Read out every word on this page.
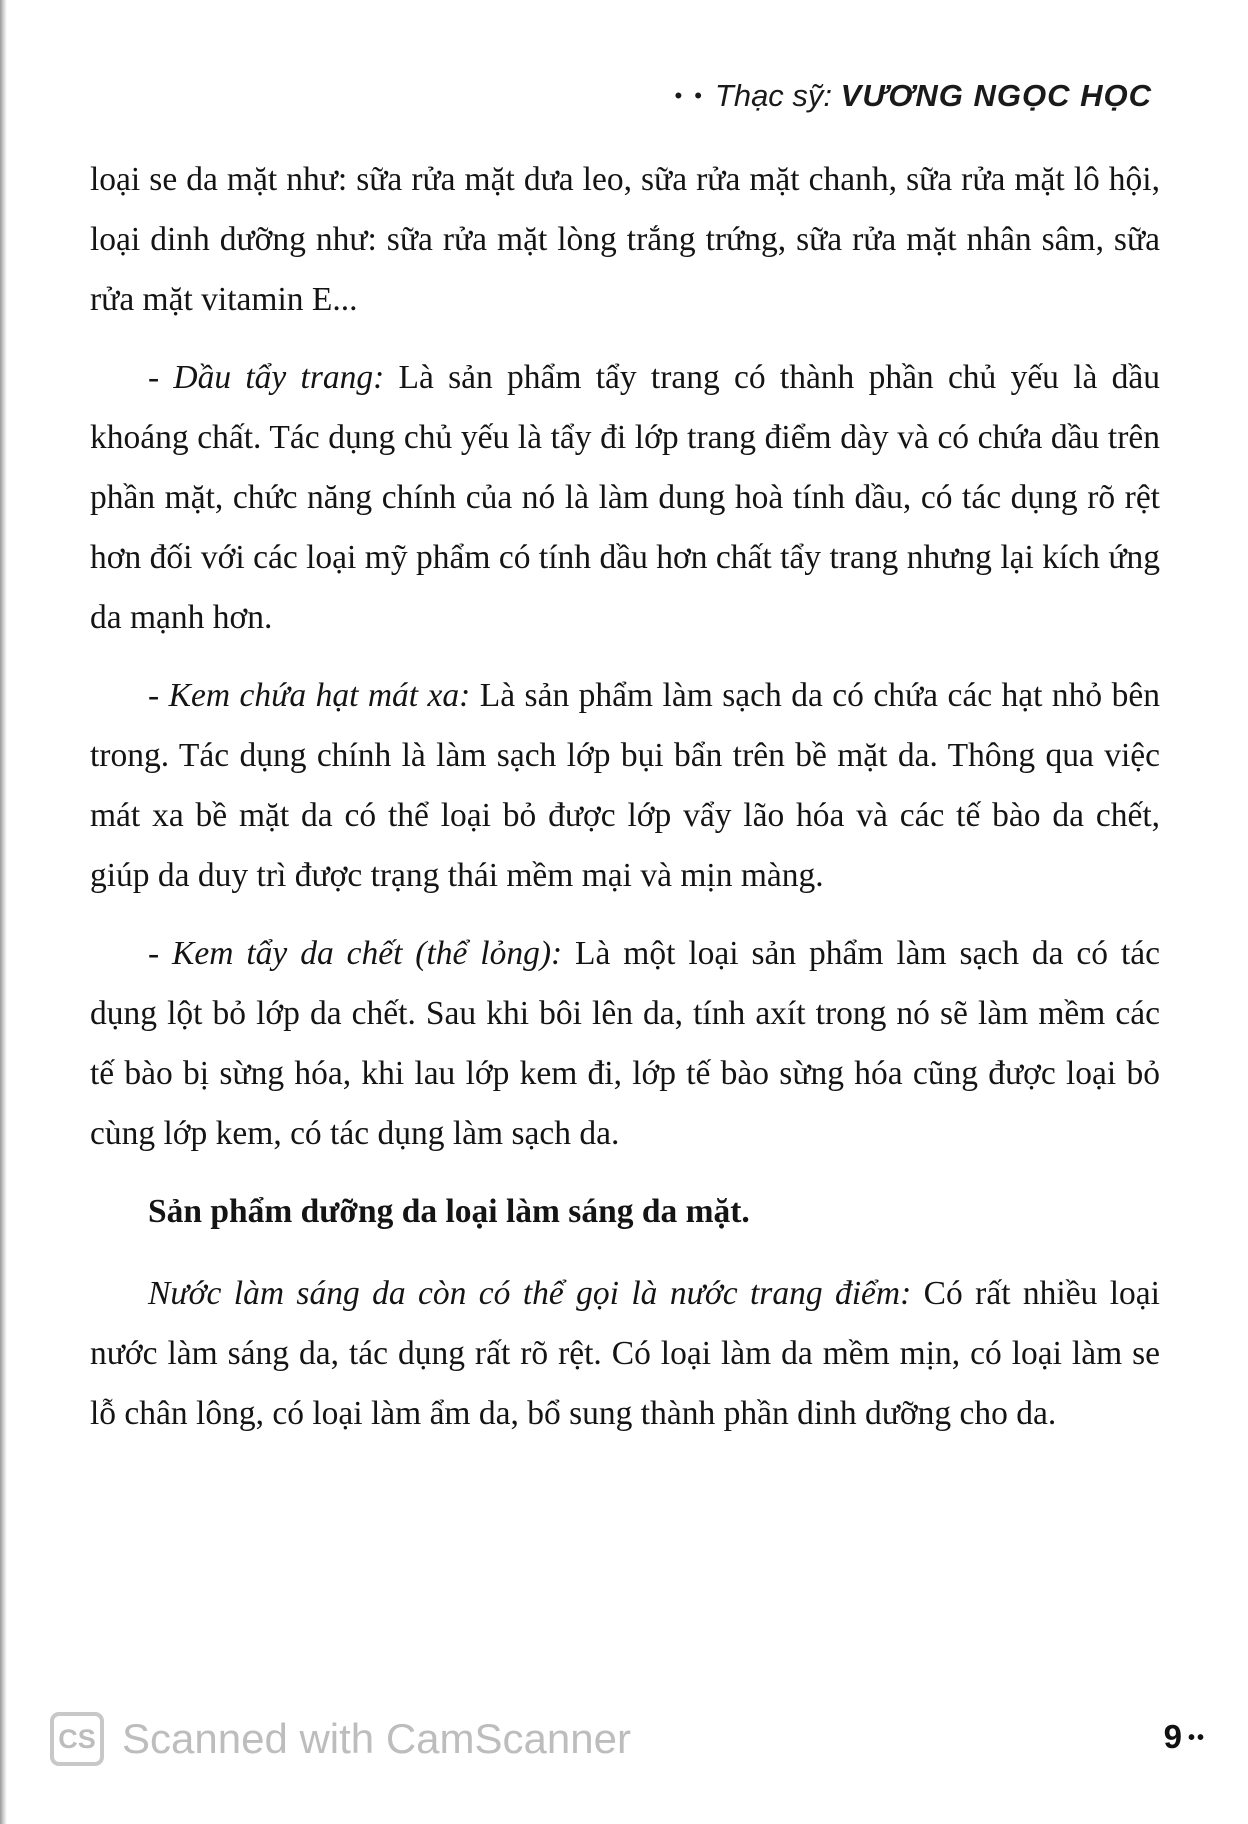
• • Thạc sỹ: VƯƠNG NGỌC HỌC

loại se da mặt như: sữa rửa mặt dưa leo, sữa rửa mặt chanh, sữa rửa mặt lô hội, loại dinh dưỡng như: sữa rửa mặt lòng trắng trứng, sữa rửa mặt nhân sâm, sữa rửa mặt vitamin E...

- Dầu tẩy trang: Là sản phẩm tẩy trang có thành phần chủ yếu là dầu khoáng chất. Tác dụng chủ yếu là tẩy đi lớp trang điểm dày và có chứa dầu trên phần mặt, chức năng chính của nó là làm dung hoà tính dầu, có tác dụng rõ rệt hơn đối với các loại mỹ phẩm có tính dầu hơn chất tẩy trang nhưng lại kích ứng da mạnh hơn.

- Kem chứa hạt mát xa: Là sản phẩm làm sạch da có chứa các hạt nhỏ bên trong. Tác dụng chính là làm sạch lớp bụi bẩn trên bề mặt da. Thông qua việc mát xa bề mặt da có thể loại bỏ được lớp vẩy lão hóa và các tế bào da chết, giúp da duy trì được trạng thái mềm mại và mịn màng.

- Kem tẩy da chết (thể lỏng): Là một loại sản phẩm làm sạch da có tác dụng lột bỏ lớp da chết. Sau khi bôi lên da, tính axít trong nó sẽ làm mềm các tế bào bị sừng hóa, khi lau lớp kem đi, lớp tế bào sừng hóa cũng được loại bỏ cùng lớp kem, có tác dụng làm sạch da.

Sản phẩm dưỡng da loại làm sáng da mặt.

Nước làm sáng da còn có thể gọi là nước trang điểm: Có rất nhiều loại nước làm sáng da, tác dụng rất rõ rệt. Có loại làm da mềm mịn, có loại làm se lỗ chân lông, có loại làm ẩm da, bổ sung thành phần dinh dưỡng cho da.

CS Scanned with CamScanner	9 ••
